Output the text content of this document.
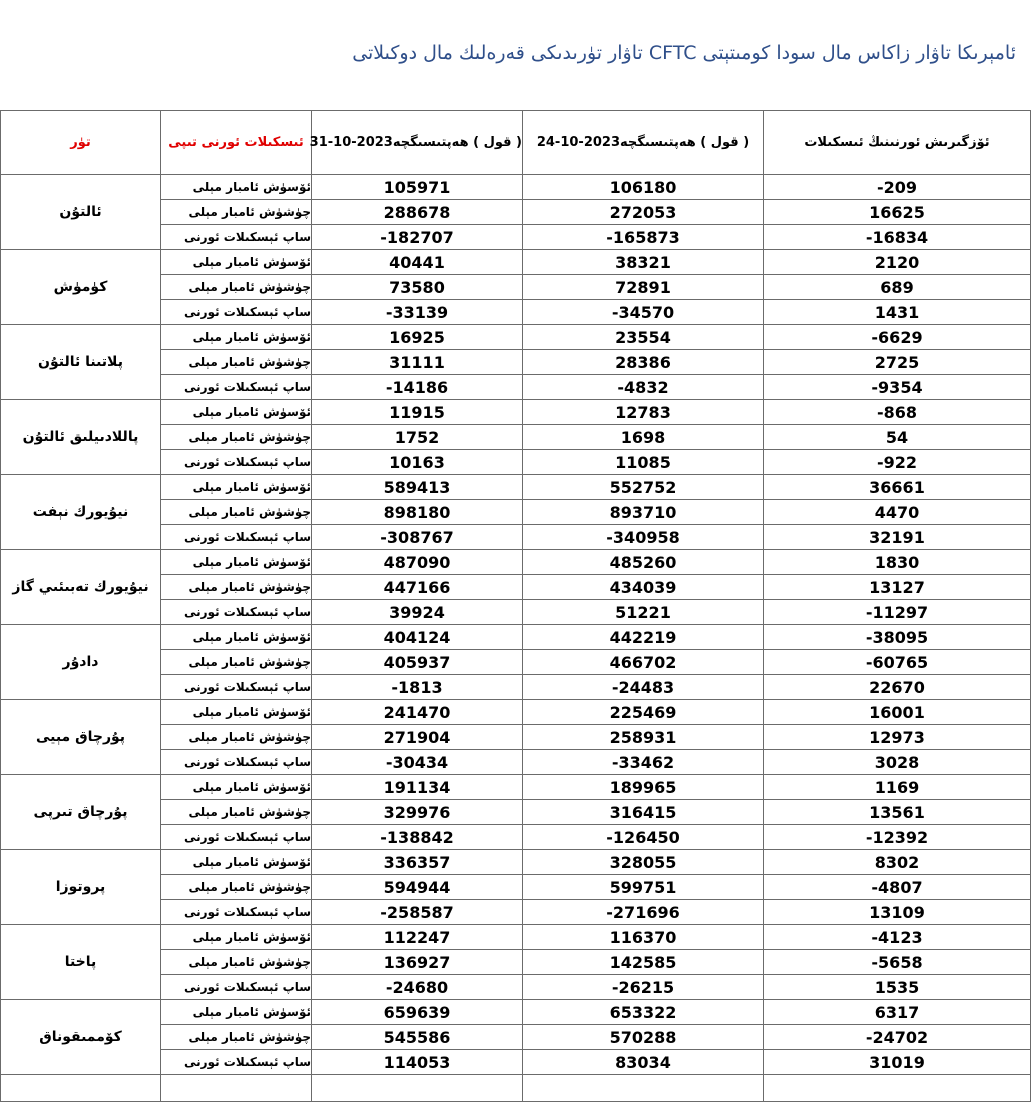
ئامېرىكا تاۋار زاكاس مال سودا كومىتېتى CFTC تاۋار تۈرىدىكى قەرەلىك مال دوكىلاتى
تۈر	ئىسكىلات ئورنى تىپى	( قول ) ھەپتىسىگچە2023-10-31	( قول ) ھەپتىسىگچە2023-10-24	ئۆزگىرىش ئورنىنىڭ ئىسكىلات
ئالتۇن	ئۆسۈش ئامبار مېلى	105971	106180	-209
	چۈشۈش ئامبار مېلى	288678	272053	16625
	ساپ ئېسكىلات ئورنى	-182707	-165873	-16834
كۈمۈش	ئۆسۈش ئامبار مېلى	40441	38321	2120
	چۈشۈش ئامبار مېلى	73580	72891	689
	ساپ ئېسكىلات ئورنى	-33139	-34570	1431
پلاتىنا ئالتۇن	ئۆسۈش ئامبار مېلى	16925	23554	-6629
	چۈشۈش ئامبار مېلى	31111	28386	2725
	ساپ ئېسكىلات ئورنى	-14186	-4832	-9354
پاللادىيلىق ئالتۇن	ئۆسۈش ئامبار مېلى	11915	12783	-868
	چۈشۈش ئامبار مېلى	1752	1698	54
	ساپ ئېسكىلات ئورنى	10163	11085	-922
نيۇيورك نېفت	ئۆسۈش ئامبار مېلى	589413	552752	36661
	چۈشۈش ئامبار مېلى	898180	893710	4470
	ساپ ئېسكىلات ئورنى	-308767	-340958	32191
نيۇيورك تەبىئىي گاز	ئۆسۈش ئامبار مېلى	487090	485260	1830
	چۈشۈش ئامبار مېلى	447166	434039	13127
	ساپ ئېسكىلات ئورنى	39924	51221	-11297
دادۇر	ئۆسۈش ئامبار مېلى	404124	442219	-38095
	چۈشۈش ئامبار مېلى	405937	466702	-60765
	ساپ ئېسكىلات ئورنى	-1813	-24483	22670
پۇرچاق مېيى	ئۆسۈش ئامبار مېلى	241470	225469	16001
	چۈشۈش ئامبار مېلى	271904	258931	12973
	ساپ ئېسكىلات ئورنى	-30434	-33462	3028
پۇرچاق تىرپى	ئۆسۈش ئامبار مېلى	191134	189965	1169
	چۈشۈش ئامبار مېلى	329976	316415	13561
	ساپ ئېسكىلات ئورنى	-138842	-126450	-12392
پروتوزا	ئۆسۈش ئامبار مېلى	336357	328055	8302
	چۈشۈش ئامبار مېلى	594944	599751	-4807
	ساپ ئېسكىلات ئورنى	-258587	-271696	13109
پاختا	ئۆسۈش ئامبار مېلى	112247	116370	-4123
	چۈشۈش ئامبار مېلى	136927	142585	-5658
	ساپ ئېسكىلات ئورنى	-24680	-26215	1535
كۆممىقوناق	ئۆسۈش ئامبار مېلى	659639	653322	6317
	چۈشۈش ئامبار مېلى	545586	570288	-24702
	ساپ ئېسكىلات ئورنى	114053	83034	31019
